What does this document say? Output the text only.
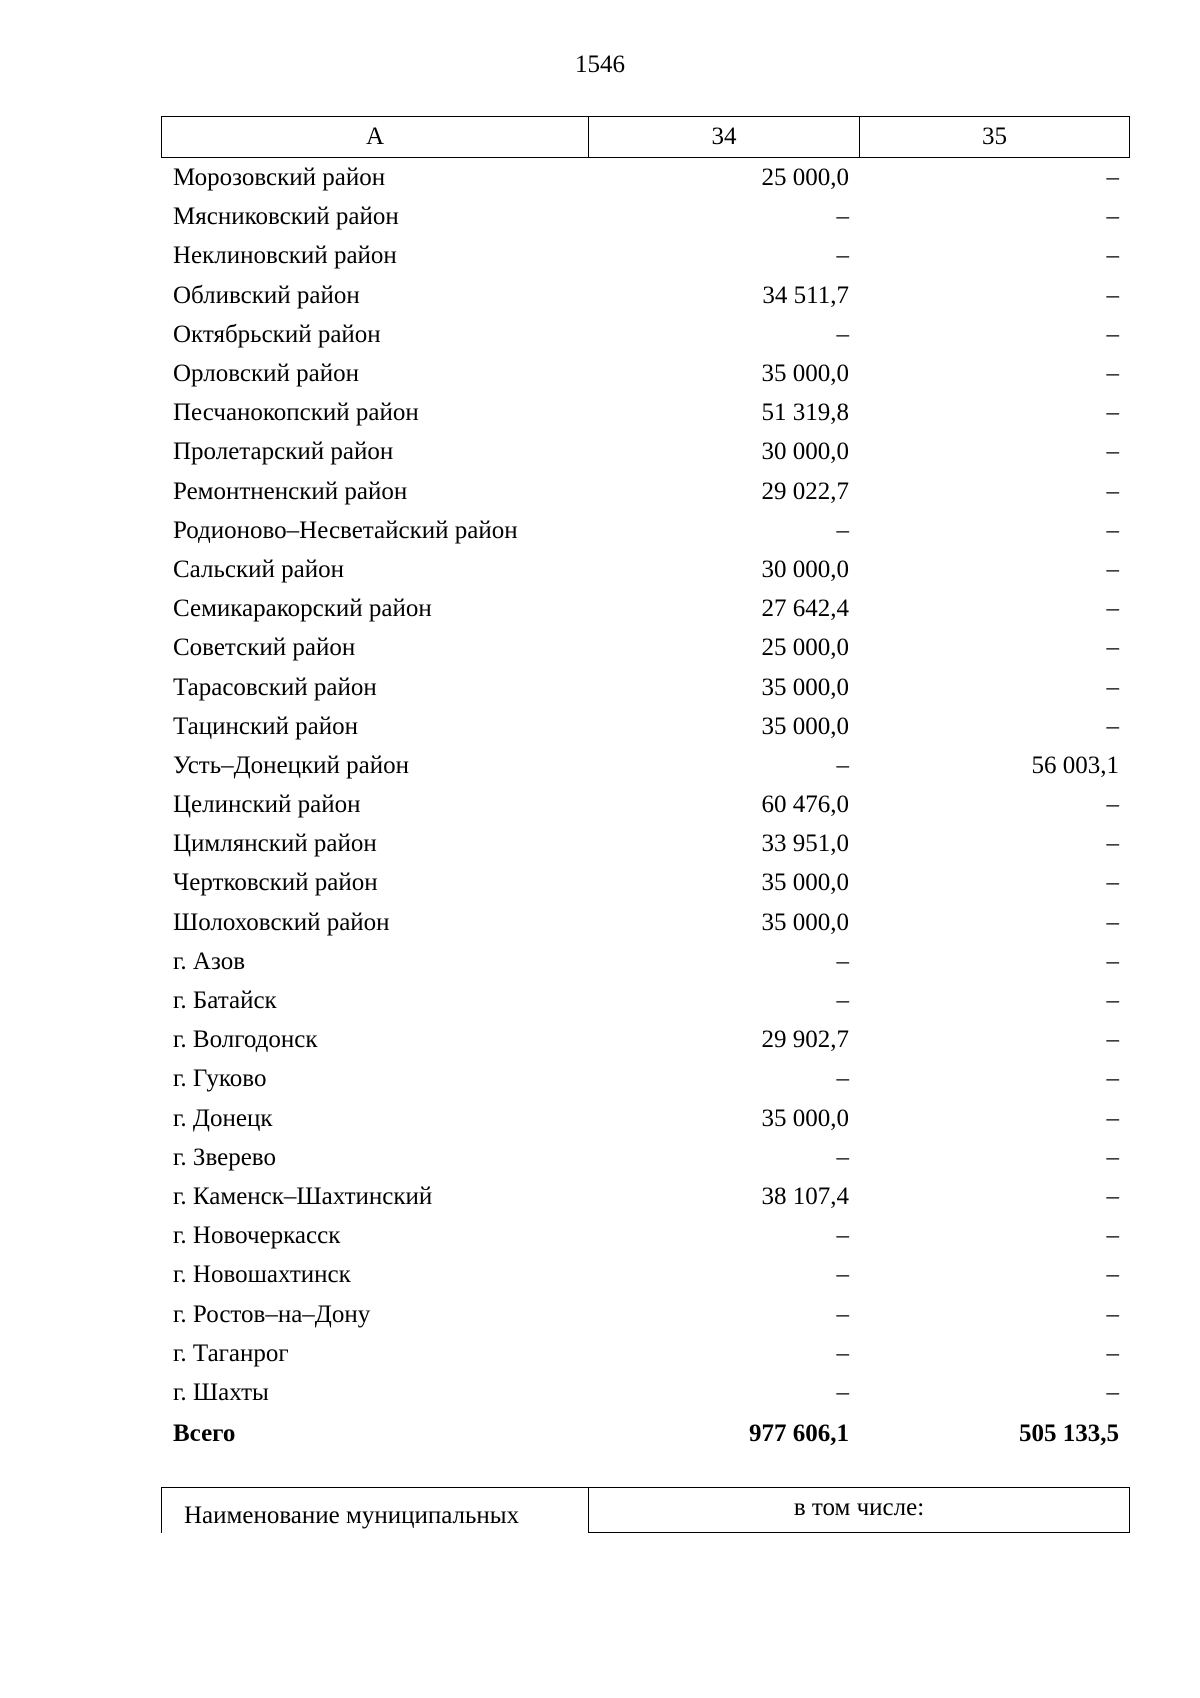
1546
А	34	35
Морозовский район	25 000,0	–
Мясниковский район	–	–
Неклиновский район	–	–
Обливский район	34 511,7	–
Октябрьский район	–	–
Орловский район	35 000,0	–
Песчанокопский район	51 319,8	–
Пролетарский район	30 000,0	–
Ремонтненский район	29 022,7	–
Родионово–Несветайский район	–	–
Сальский район	30 000,0	–
Семикаракорский район	27 642,4	–
Советский район	25 000,0	–
Тарасовский район	35 000,0	–
Тацинский район	35 000,0	–
Усть–Донецкий район	–	56 003,1
Целинский район	60 476,0	–
Цимлянский район	33 951,0	–
Чертковский район	35 000,0	–
Шолоховский район	35 000,0	–
г. Азов	–	–
г. Батайск	–	–
г. Волгодонск	29 902,7	–
г. Гуково	–	–
г. Донецк	35 000,0	–
г. Зверево	–	–
г. Каменск–Шахтинский	38 107,4	–
г. Новочеркасск	–	–
г. Новошахтинск	–	–
г. Ростов–на–Дону	–	–
г. Таганрог	–	–
г. Шахты	–	–
Всего	977 606,1	505 133,5
Наименование муниципальных	в том числе:
